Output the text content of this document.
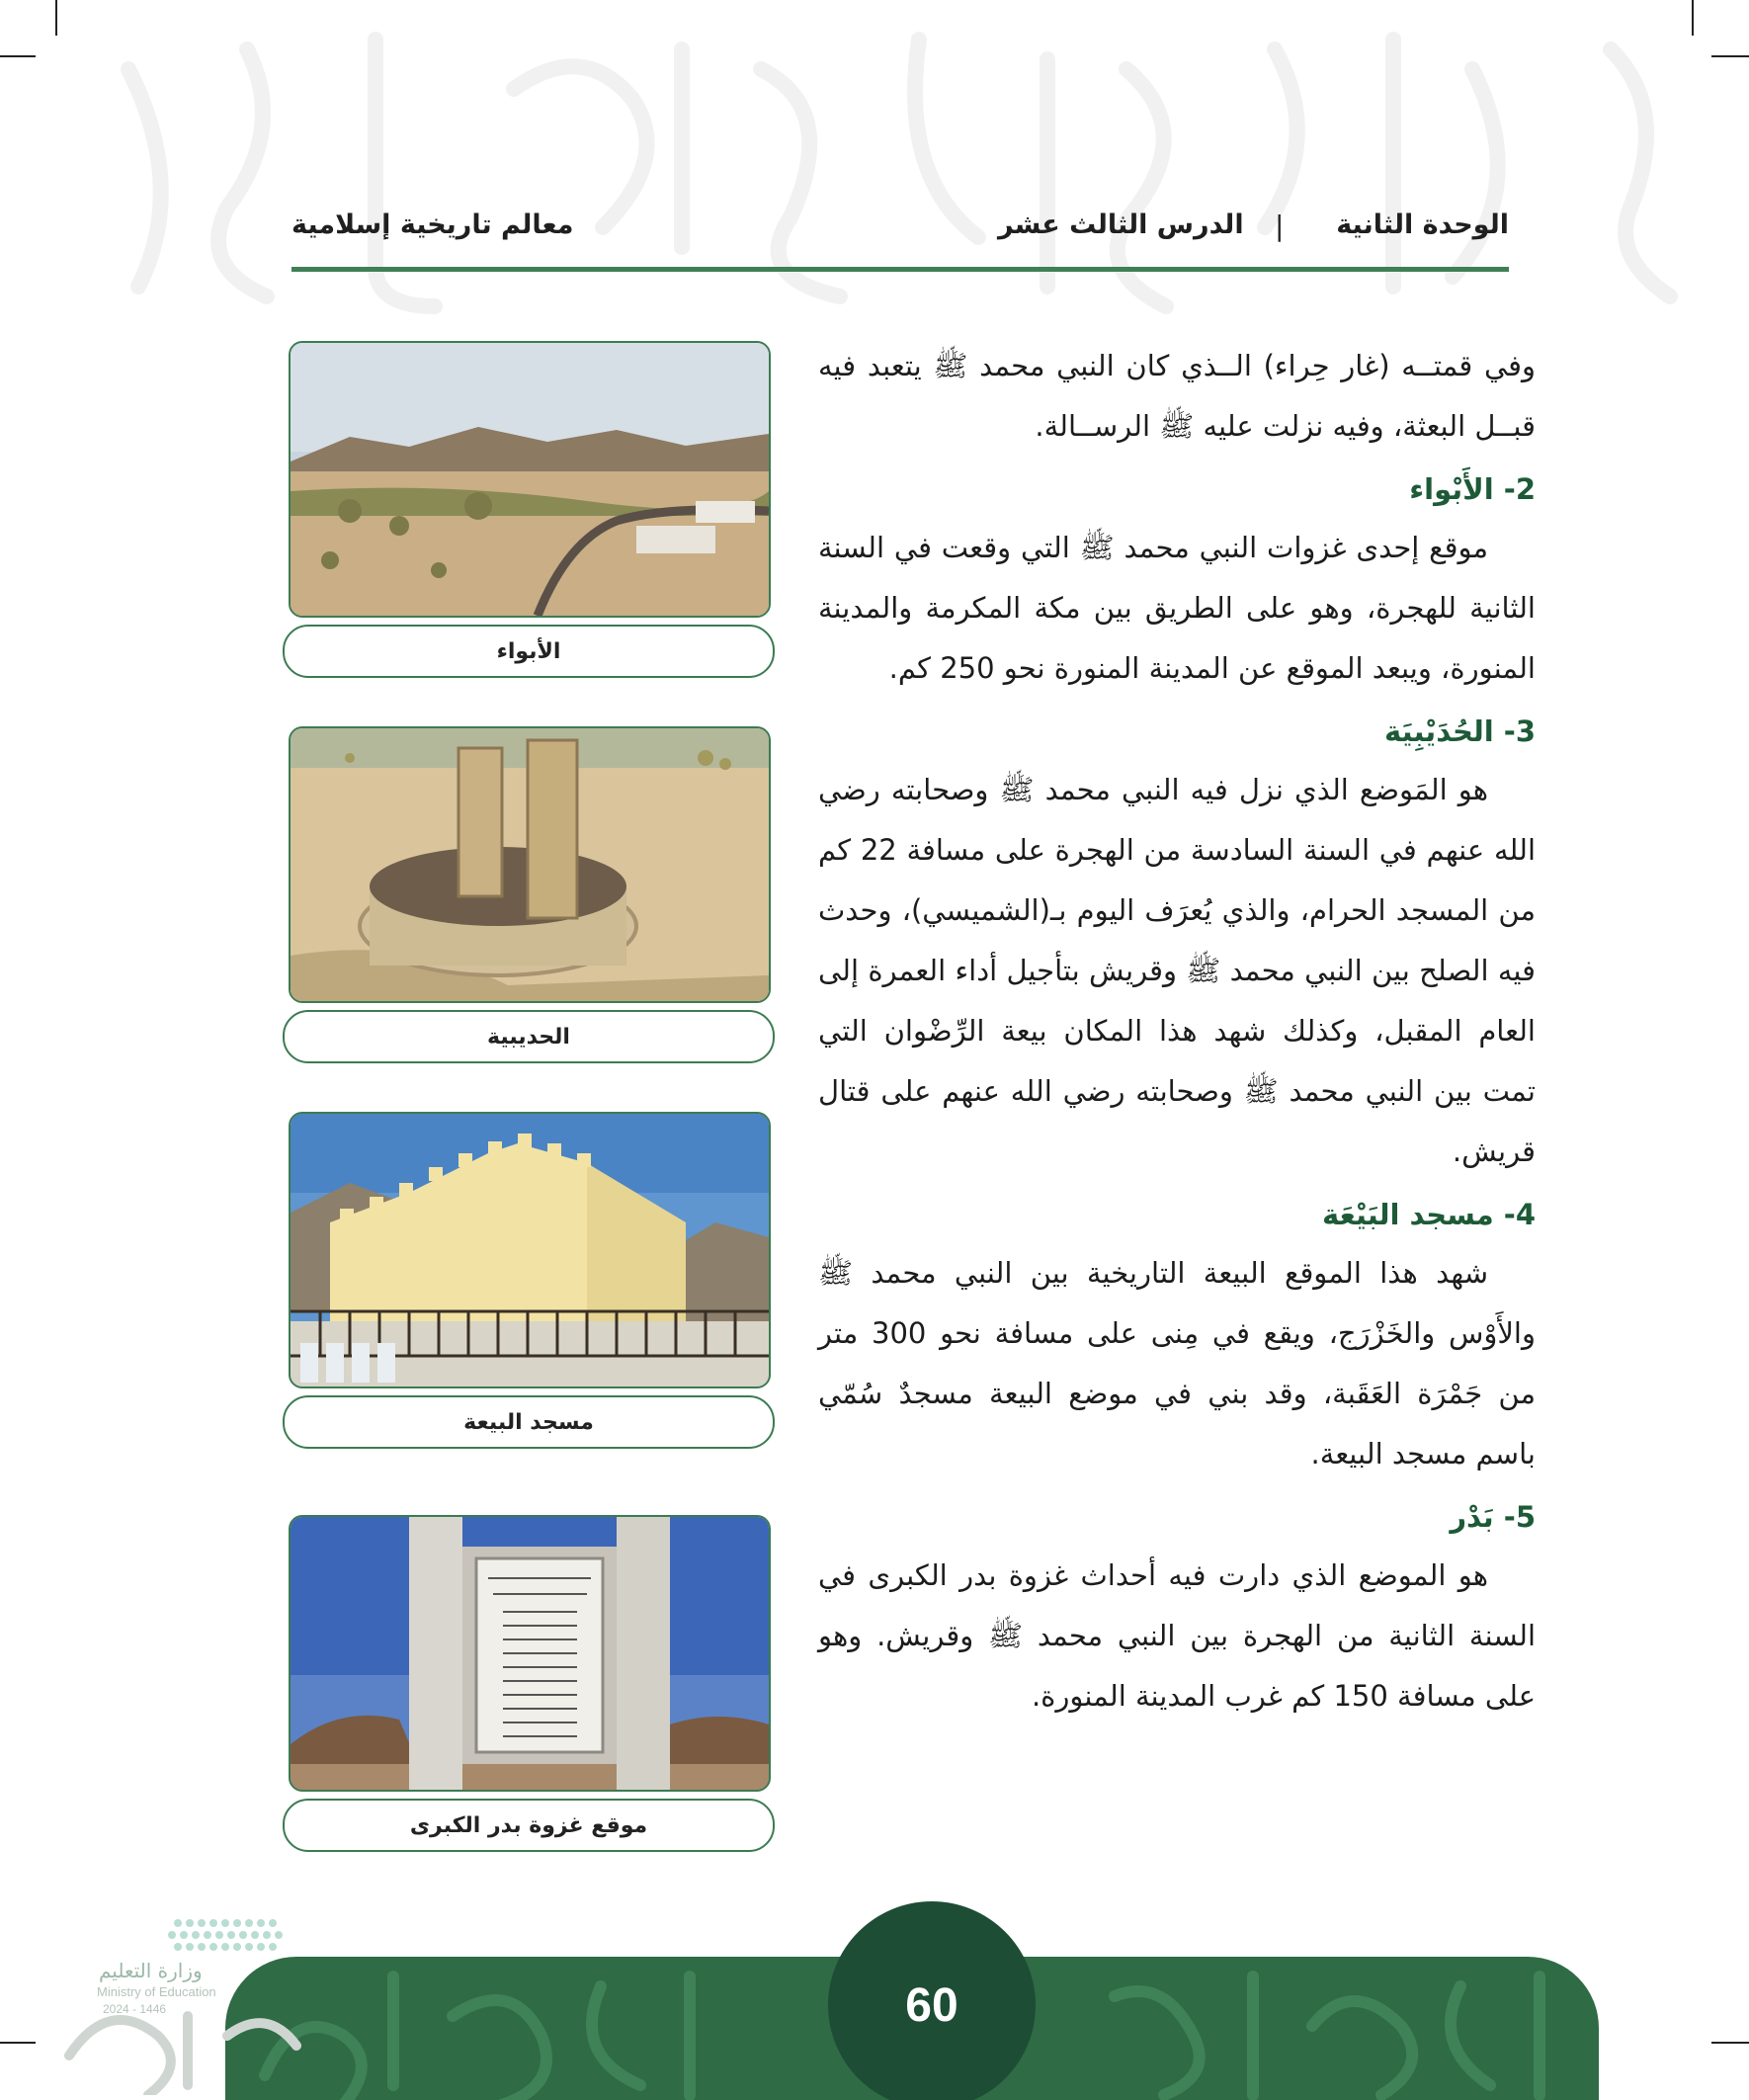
الوحدة الثانية
|
الدرس الثالث عشر
معالم تاريخية إسلامية

وفي قمتــه (غار حِراء) الــذي كان النبي محمد ﷺ يتعبد فيه قبــل البعثة، وفيه نزلت عليه ﷺ الرســالة.

2- الأَبْواء

موقع إحدى غزوات النبي محمد ﷺ التي وقعت في السنة الثانية للهجرة، وهو على الطريق بين مكة المكرمة والمدينة المنورة، ويبعد الموقع عن المدينة المنورة نحو 250 كم.

3- الحُدَيْبِيَة

هو المَوضع الذي نزل فيه النبي محمد ﷺ وصحابته رضي الله عنهم في السنة السادسة من الهجرة على مسافة 22 كم من المسجد الحرام، والذي يُعرَف اليوم بـ(الشميسي)، وحدث فيه الصلح بين النبي محمد ﷺ وقريش بتأجيل أداء العمرة إلى العام المقبل، وكذلك شهد هذا المكان بيعة الرِّضْوان التي تمت بين النبي محمد ﷺ وصحابته رضي الله عنهم على قتال قريش.

4- مسجد البَيْعَة

شهد هذا الموقع البيعة التاريخية بين النبي محمد ﷺ والأَوْس والخَزْرَج، ويقع في مِنى على مسافة نحو 300 متر من جَمْرَة العَقَبة، وقد بني في موضع البيعة مسجدٌ سُمّي باسم مسجد البيعة.

5- بَدْر

هو الموضع الذي دارت فيه أحداث غزوة بدر الكبرى في السنة الثانية من الهجرة بين النبي محمد ﷺ وقريش. وهو على مسافة 150 كم غرب المدينة المنورة.

الأبواء
الحديبية
مسجد البيعة
موقع غزوة بدر الكبرى
60
وزارة التعليم
Ministry of Education
2024 - 1446
